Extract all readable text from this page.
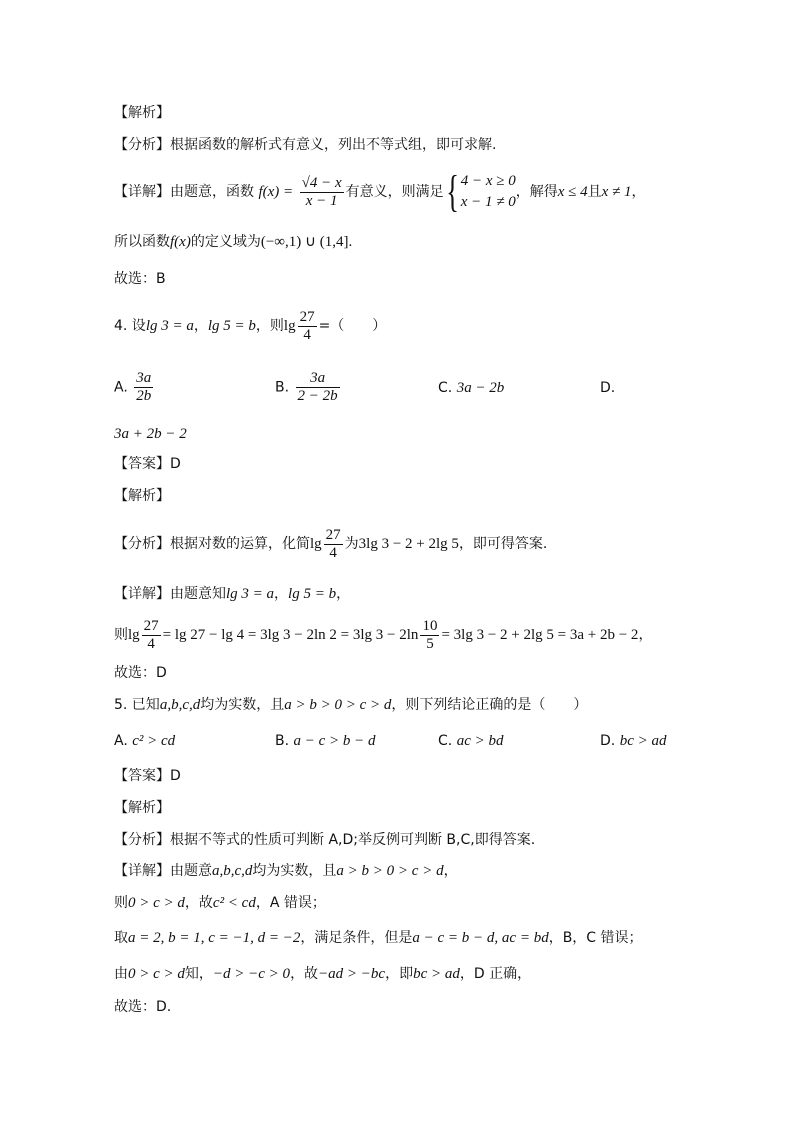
【解析】
【分析】根据函数的解析式有意义，列出不等式组，即可求解.
【详解】由题意，函数 $f(x) = \frac{√4 - x}{x - 1}$ 有意义，则满足{ 4 − x ≥ 0
x − 1 ≠ 0
，解得x ≤ 4且x ≠ 1，
所以函数f(x)的定义域为(−∞,1) ∪ (1,4].
故选：B
4. 设lg 3 = a，lg 5 = b，则$\lg \frac{27}{4}$ =（　　）
A. $\frac{3a}{2b}$	B. $\frac{3a}{2 - 2b}$	C. 3a − 2b	D.
3a + 2b − 2
【答案】D
【解析】
【分析】根据对数的运算，化简$\lg \frac{27}{4}$ 为3lg 3 − 2 + 2lg 5，即可得答案.
【详解】由题意知lg 3 = a，lg 5 = b，
则$\lg \frac{27}{4} = \lg 27 - \lg 4 = 3\lg$ 3 − 2ln 2 = 3lg $3 - 2\ln \frac{10}{5} = 3\lg$ 3 − 2 + 2lg 5 = 3a + 2b − 2，
故选：D
5. 已知a,b,c,d均为实数，且a > b > 0 > c > d，则下列结论正确的是（　　）
A. c² > cd	B. a − c > b − d	C. ac > bd	D. bc > ad
【答案】D
【解析】
【分析】根据不等式的性质可判断 A,D;举反例可判断 B,C,即得答案.
【详解】由题意a,b,c,d均为实数，且a > b > 0 > c > d，
则0 > c > d，故c² < cd，A 错误；
取a = 2, b = 1, c = −1, d = −2，满足条件，但是a − c = b − d, ac = bd，B，C 错误；
由0 > c > d知，−d > −c > 0，故−ad > −bc，即bc > ad，D 正确，
故选：D.
